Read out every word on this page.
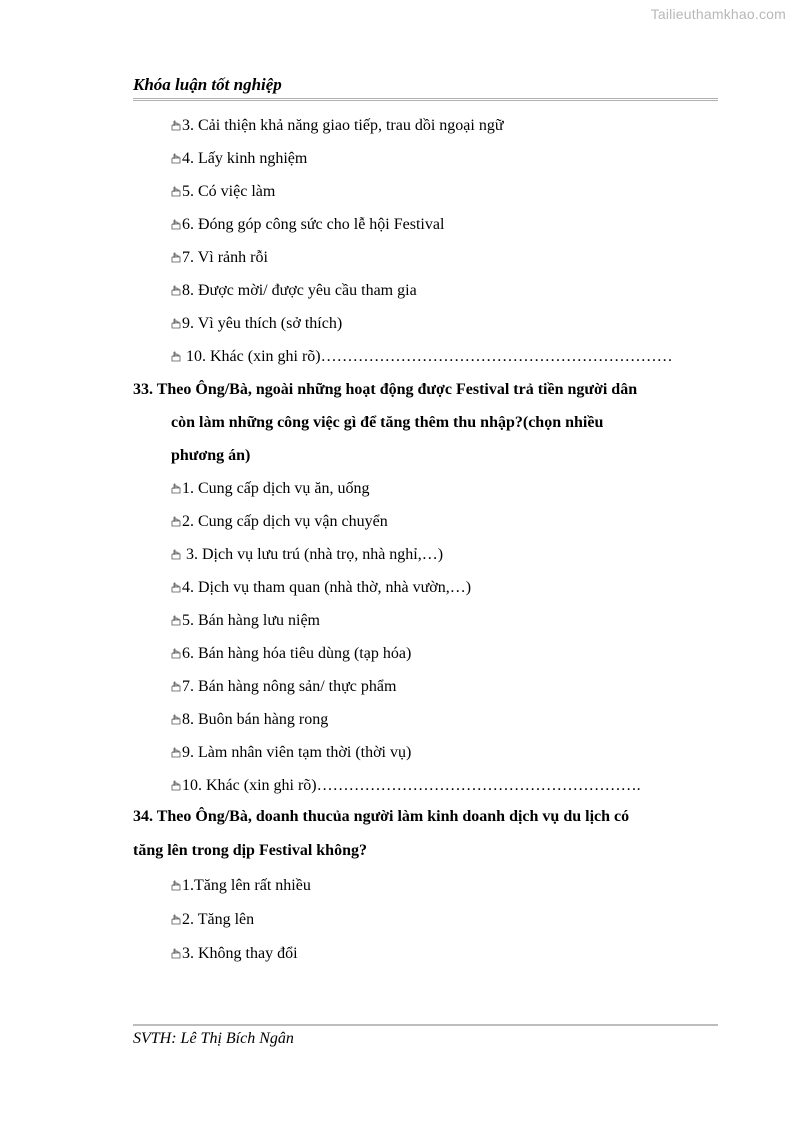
Tailieuthamkhao.com
Khóa luận tốt nghiệp
3. Cải thiện khả năng giao tiếp, trau dồi ngoại ngữ
4. Lấy kinh nghiệm
5. Có việc làm
6. Đóng góp công sức cho lễ hội Festival
7. Vì rảnh rỗi
8. Được mời/ được yêu cầu tham gia
9. Vì yêu thích (sở thích)
10. Khác (xin ghi rõ)…………………………………………………………
33. Theo Ông/Bà, ngoài những hoạt động được Festival trả tiền người dân
còn làm những công việc gì để tăng thêm thu nhập?(chọn nhiều
phương án)
1. Cung cấp dịch vụ ăn, uống
2. Cung cấp dịch vụ vận chuyển
3. Dịch vụ lưu trú (nhà trọ, nhà nghỉ,…)
4. Dịch vụ tham quan (nhà thờ, nhà vườn,…)
5. Bán hàng lưu niệm
6. Bán hàng hóa tiêu dùng (tạp hóa)
7. Bán hàng nông sản/ thực phẩm
8. Buôn bán hàng rong
9. Làm nhân viên tạm thời (thời vụ)
10. Khác (xin ghi rõ)…………………………………………………….
34. Theo Ông/Bà, doanh thucủa người làm kinh doanh dịch vụ du lịch có
tăng lên trong dịp Festival không?
1.Tăng lên rất nhiều
2. Tăng lên
3. Không thay đổi
SVTH: Lê Thị Bích Ngân
